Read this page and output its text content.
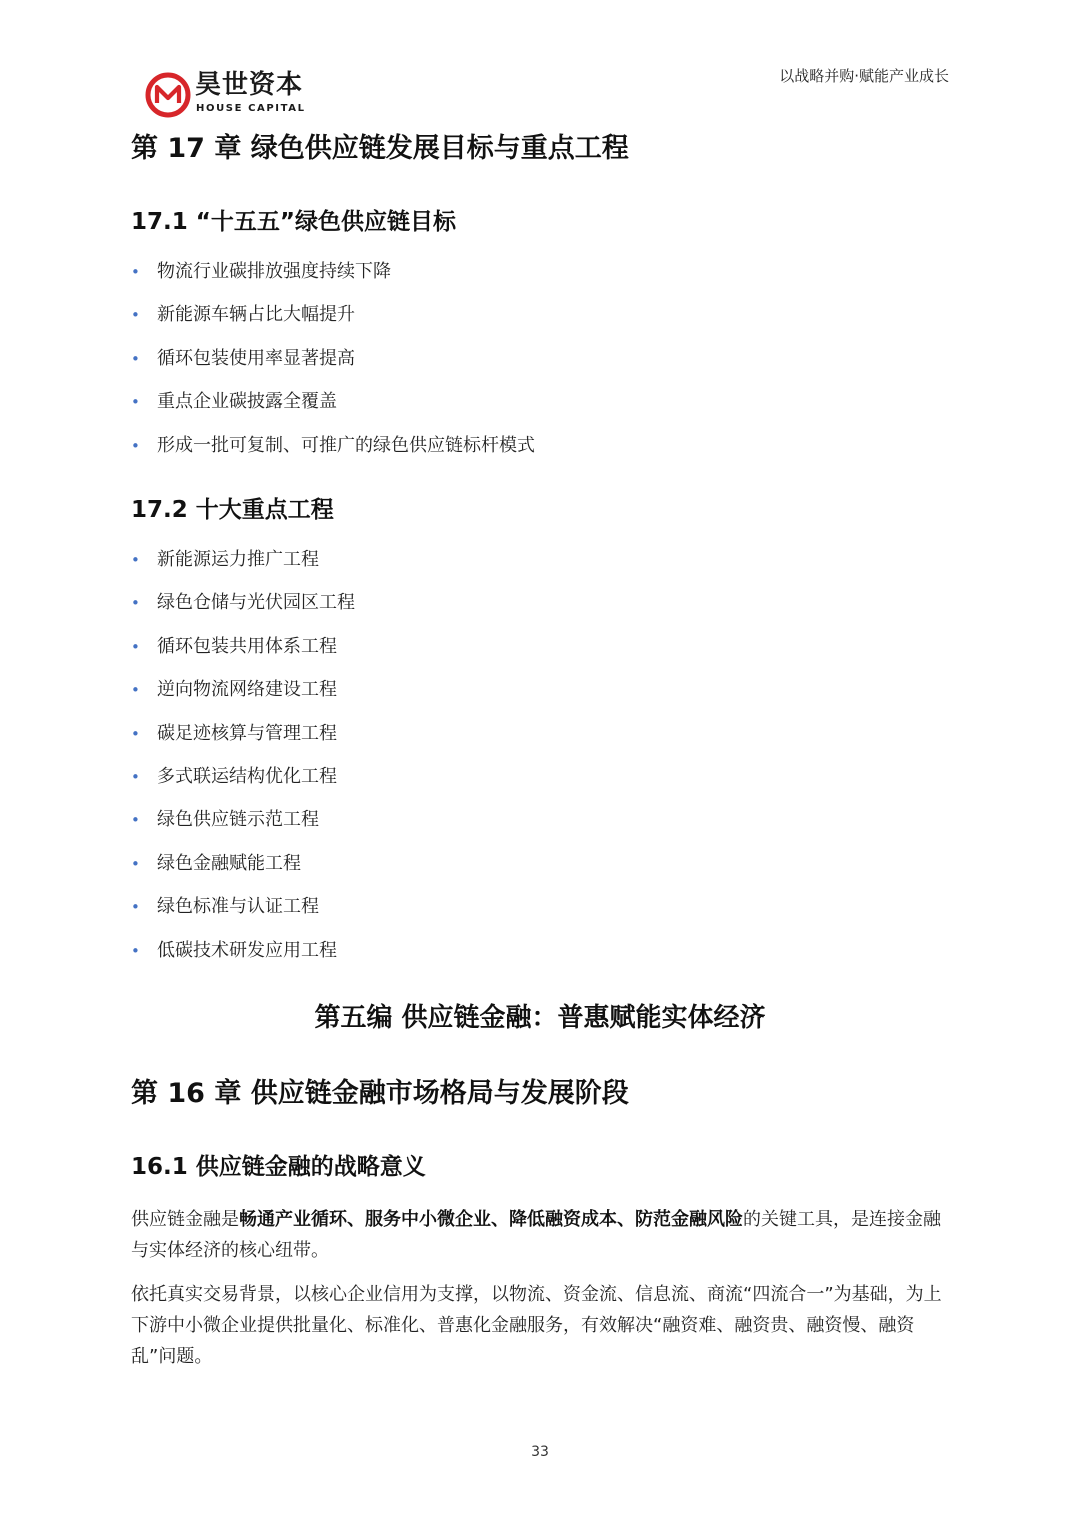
昊世资本
HOUSE CAPITAL
以战略并购·赋能产业成长
第 17 章 绿色供应链发展目标与重点工程
17.1 “十五五”绿色供应链目标
• 物流行业碳排放强度持续下降
• 新能源车辆占比大幅提升
• 循环包装使用率显著提高
• 重点企业碳披露全覆盖
• 形成一批可复制、可推广的绿色供应链标杆模式
17.2 十大重点工程
• 新能源运力推广工程
• 绿色仓储与光伏园区工程
• 循环包装共用体系工程
• 逆向物流网络建设工程
• 碳足迹核算与管理工程
• 多式联运结构优化工程
• 绿色供应链示范工程
• 绿色金融赋能工程
• 绿色标准与认证工程
• 低碳技术研发应用工程
第五编 供应链金融：普惠赋能实体经济
第 16 章 供应链金融市场格局与发展阶段
16.1 供应链金融的战略意义

供应链金融是畅通产业循环、服务中小微企业、降低融资成本、防范金融风险的关键工具，是连接金融与实体经济的核心纽带。

依托真实交易背景，以核心企业信用为支撑，以物流、资金流、信息流、商流“四流合一”为基础，为上下游中小微企业提供批量化、标准化、普惠化金融服务，有效解决“融资难、融资贵、融资慢、融资乱”问题。

33
